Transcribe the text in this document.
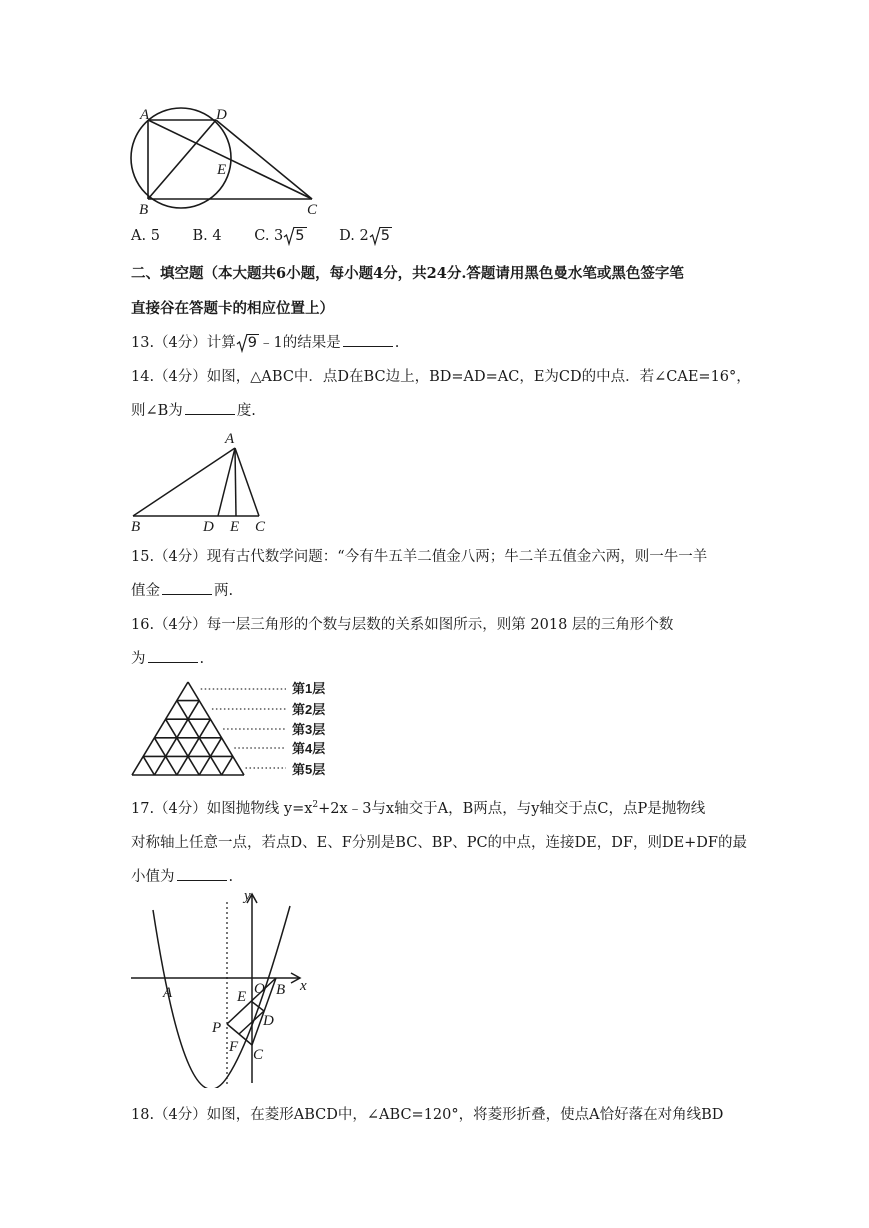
A	D
E
B	C
A. 5 B. 4 C. 3 5 D. 2 5
二、填空题（本大题共6小题，每小题4分，共24分.答题请用黑色曼水笔或黑色签字笔
直接谷在答题卡的相应位置上）
13.（4分）计算 9 ﹣1的结果是	.
14.（4分）如图，△ABC中．点D在BC边上，BD=AD=AC，E为CD的中点．若∠CAE=16°，
则∠B为	度.
A
B	D E C
15.（4分）现有古代数学问题：“今有牛五羊二值金八两；牛二羊五值金六两，则一牛一羊
值金	两.
16.（4分）每一层三角形的个数与层数的关系如图所示，则第 2018 层的三角形个数
为	.
第1层
第2层
第3层
第4层
第5层
17.（4分）如图抛物线 $y=x^2+2x﹣3$与x轴交于A，B两点，与y轴交于点C，点P是抛物线
对称轴上任意一点，若点D、E、F分别是BC、BP、PC的中点，连接DE，DF，则DE+DF的最
小值为	.
y
x
A	O B
E
D
P
F C
18.（4分）如图，在菱形ABCD中，∠ABC=120°，将菱形折叠，使点A恰好落在对角线BD
